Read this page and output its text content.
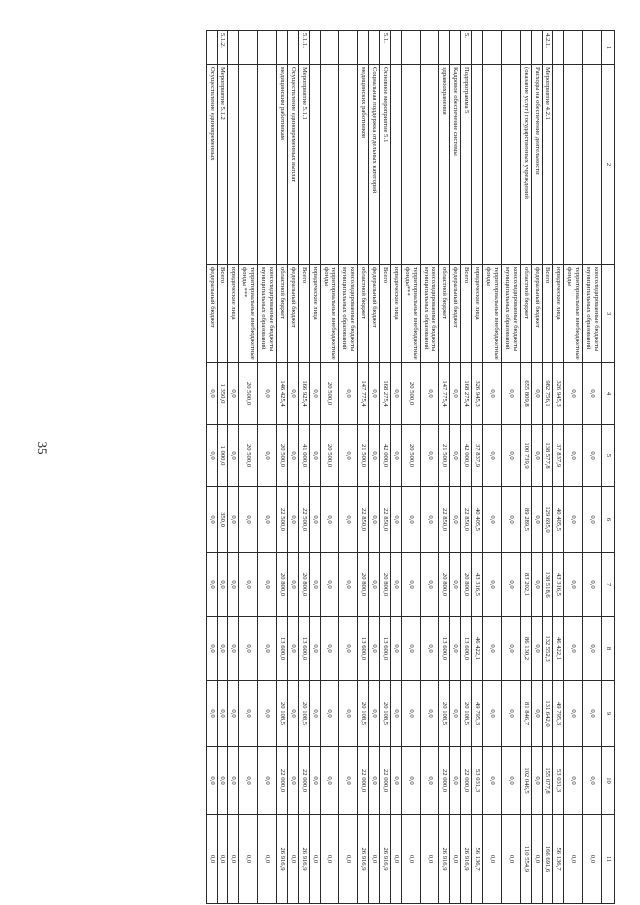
35
1	2	3	4	5	6	7	8	9	10	11
		консолидированные бюджеты муниципальных образований	0,0	0,0	0,0	0,0	0,0	0,0	0,0	0,0
		территориальные внебюджетные фонды	0,0	0,0	0,0	0,0	0,0	0,0	0,0	0,0
		юридические лица	326 945,3	37 837,9	40 405,5	43 316,5	46 422,1	49 795,3	53 031,3	56 136,7
4.2.1.	Мероприятие 4.2.1	Всего	982 756,1	138 577,8	129 695,0	138 518,6	132 552,3	131 642,0	155 077,8	166 691,6
	Расходы на обеспечение деятельности	федеральный бюджет	0,0	0,0	0,0	0,0	0,0	0,0	0,0	0,0
	(оказание услуг) государственных учреждений	областной бюджет	655 809,8	100 739,9	89 289,5	83 202,1	86 130,2	81 846,7	102 046,5	110 554,9
		консолидированные бюджеты муниципальных образований	0,0	0,0	0,0	0,0	0,0	0,0	0,0	0,0
		территориальные внебюджетные фонды	0,0	0,0	0,0	0,0	0,0	0,0	0,0	0,0
		юридические лица	326 945,3	37 837,9	40 405,5	43 316,5	46 422,1	49 795,3	53 031,3	56 136,7
5.	Подпрограмма 5	Всего	168 275,4	42 000,0	22 850,0	20 800,0	13 600,0	20 108,5	22 000,0	26 916,9
	Кадровое обеспечение системы	федеральный бюджет	0,0	0,0	0,0	0,0	0,0	0,0	0,0	0,0
	здравоохранения	областной бюджет	147 775,4	21 500,0	22 850,0	20 800,0	13 600,0	20 108,5	22 000,0	26 916,9
		консолидированные бюджеты муниципальных образований	0,0	0,0	0,0	0,0	0,0	0,0	0,0	0,0
		территориальные внебюджетные фонды***	20 500,0	20 500,0	0,0	0,0	0,0	0,0	0,0	0,0
		юридические лица	0,0	0,0	0,0	0,0	0,0	0,0	0,0	0,0
5.1.	Основное мероприятие 5.1	Всего	168 275,4	42 000,0	22 850,0	20 800,0	13 600,0	20 108,5	22 000,0	26 916,9
	Социальная поддержка отдельных категорий	федеральный бюджет	0,0	0,0	0,0	0,0	0,0	0,0	0,0	0,0
	медицинских работников	областной бюджет	147 775,4	21 500,0	22 850,0	20 800,0	13 600,0	20 108,5	22 000,0	26 916,9
		консолидированные бюджеты муниципальных образований	0,0	0,0	0,0	0,0	0,0	0,0	0,0	0,0
		территориальные внебюджетные фонды	20 500,0	20 500,0	0,0	0,0	0,0	0,0	0,0	0,0
		юридические лица	0,0	0,0	0,0	0,0	0,0	0,0	0,0	0,0
5.1.1.	Мероприятие 5.1.1	Всего	166 925,4	41 000,0	22 500,0	20 800,0	13 600,0	20 108,5	22 000,0	26 916,9
	Осуществление единовременных выплат	федеральный бюджет	0,0	0,0	0,0	0,0	0,0	0,0	0,0	0,0
	медицинским работникам	областной бюджет	146 425,4	20 500,0	22 500,0	20 800,0	13 600,0	20 108,5	22 000,0	26 916,9
		консолидированные бюджеты муниципальных образований	0,0	0,0	0,0	0,0	0,0	0,0	0,0	0,0
		территориальные внебюджетные фонды ***	20 500,0	20 500,0	0,0	0,0	0,0	0,0	0,0	0,0
		юридические лица	0,0	0,0	0,0	0,0	0,0	0,0	0,0	0,0
5.1.2.	Мероприятие 5.1.2	Всего	1 350,0	1 000,0	350,0	0,0	0,0	0,0	0,0	0,0
	Осуществление единовременных	федеральный бюджет	0,0	0,0	0,0	0,0	0,0	0,0	0,0	0,0
